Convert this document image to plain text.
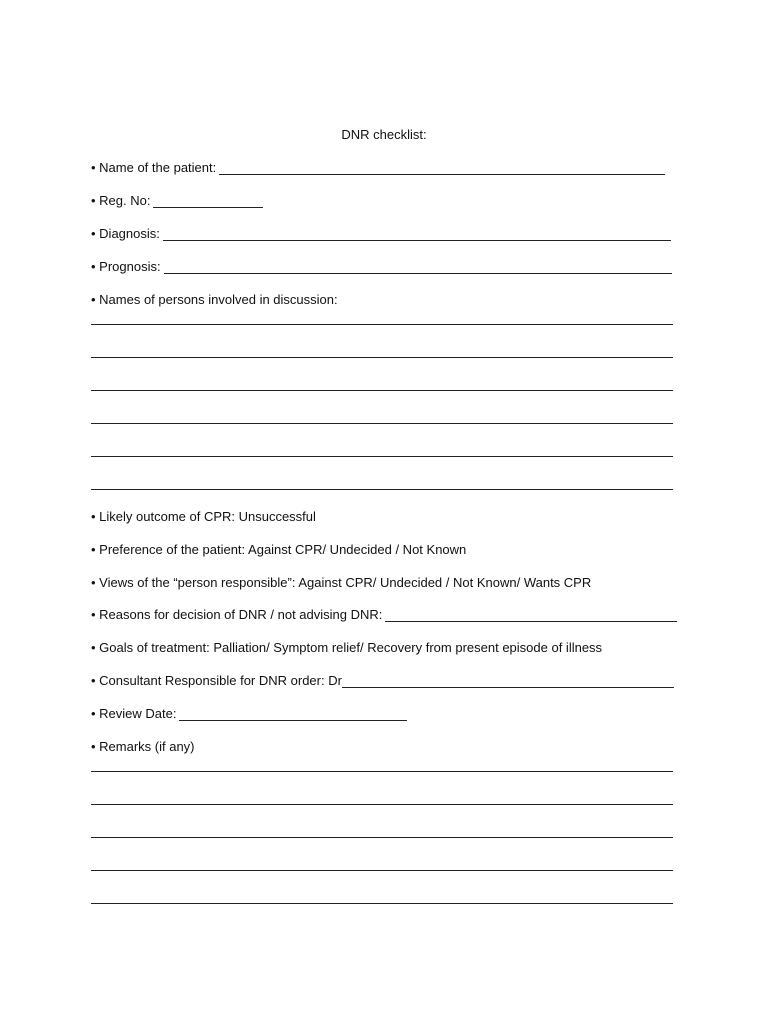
DNR checklist:
• Name of the patient:
• Reg. No:
• Diagnosis:
• Prognosis:
• Names of persons involved in discussion:
• Likely outcome of CPR: Unsuccessful
• Preference of the patient: Against CPR/ Undecided / Not Known
• Views of the “person responsible”: Against CPR/ Undecided / Not Known/ Wants CPR
• Reasons for decision of DNR / not advising DNR:
• Goals of treatment: Palliation/ Symptom relief/ Recovery from present episode of illness
• Consultant Responsible for DNR order: Dr
• Review Date:
• Remarks (if any)
